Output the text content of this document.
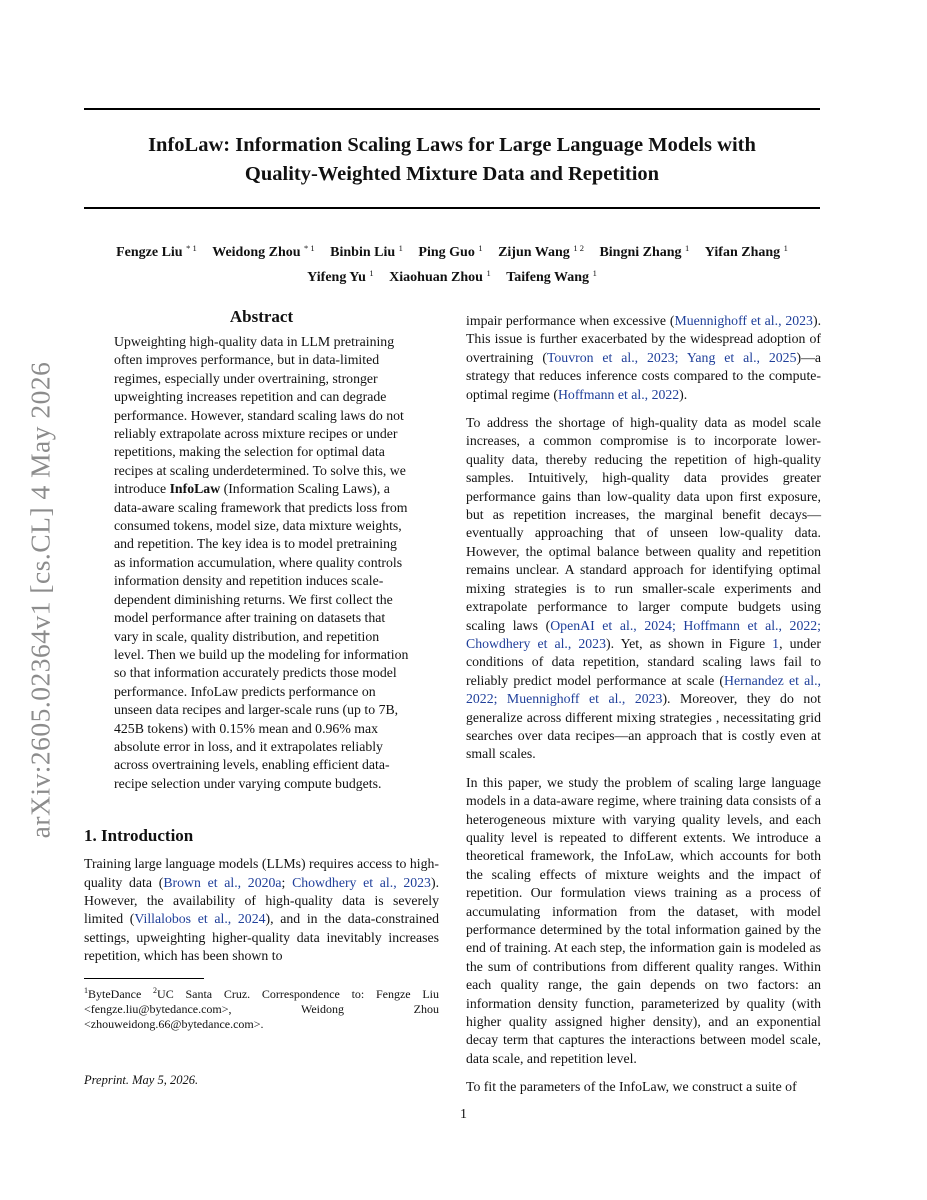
InfoLaw: Information Scaling Laws for Large Language Models with
Quality-Weighted Mixture Data and Repetition
Fengze Liu $^{* 1}$ Weidong Zhou $^{* 1}$ Binbin Liu $^1$ Ping Guo $^1$ Zijun Wang $^{1 2}$ Bingni Zhang $^1$ Yifan Zhang $^1$
Yifeng Yu $^1$ Xiaohuan Zhou $^1$ Taifeng Wang $^1$
arXiv:2605.02364v1 [cs.CL] 4 May 2026
Abstract

Upweighting high-quality data in LLM pretraining often improves performance, but in data-limited regimes, especially under overtraining, stronger upweighting increases repetition and can degrade performance. However, standard scaling laws do not reliably extrapolate across mixture recipes or under repetitions, making the selection for optimal data recipes at scaling underdetermined. To solve this, we introduce InfoLaw (Information Scaling Laws), a data-aware scaling framework that predicts loss from consumed tokens, model size, data mixture weights, and repetition. The key idea is to model pretraining as information accumulation, where quality controls information density and repetition induces scale-dependent diminishing returns. We first collect the model performance after training on datasets that vary in scale, quality distribution, and repetition level. Then we build up the modeling for information so that information accurately predicts those model performance. InfoLaw predicts performance on unseen data recipes and larger-scale runs (up to 7B, 425B tokens) with 0.15% mean and 0.96% max absolute error in loss, and it extrapolates reliably across overtraining levels, enabling efficient data-recipe selection under varying compute budgets.

1. Introduction

Training large language models (LLMs) requires access to high-quality data (Brown et al., 2020a; Chowdhery et al., 2023). However, the availability of high-quality data is severely limited (Villalobos et al., 2024), and in the data-constrained settings, upweighting higher-quality data inevitably increases repetition, which has been shown to

$^1$ByteDance $^2$UC Santa Cruz. Correspondence to: Fengze Liu <fengze.liu@bytedance.com>, Weidong Zhou <zhouweidong.66@bytedance.com>.

Preprint. May 5, 2026.

impair performance when excessive (Muennighoff et al., 2023). This issue is further exacerbated by the widespread adoption of overtraining (Touvron et al., 2023; Yang et al., 2025)—a strategy that reduces inference costs compared to the compute-optimal regime (Hoffmann et al., 2022).

To address the shortage of high-quality data as model scale increases, a common compromise is to incorporate lower-quality data, thereby reducing the repetition of high-quality samples. Intuitively, high-quality data provides greater performance gains than low-quality data upon first exposure, but as repetition increases, the marginal benefit decays—eventually approaching that of unseen low-quality data. However, the optimal balance between quality and repetition remains unclear. A standard approach for identifying optimal mixing strategies is to run smaller-scale experiments and extrapolate performance to larger compute budgets using scaling laws (OpenAI et al., 2024; Hoffmann et al., 2022; Chowdhery et al., 2023). Yet, as shown in Figure 1, under conditions of data repetition, standard scaling laws fail to reliably predict model performance at scale (Hernandez et al., 2022; Muennighoff et al., 2023). Moreover, they do not generalize across different mixing strategies , necessitating grid searches over data recipes—an approach that is costly even at small scales.

In this paper, we study the problem of scaling large language models in a data-aware regime, where training data consists of a heterogeneous mixture with varying quality levels, and each quality level is repeated to different extents. We introduce a theoretical framework, the InfoLaw, which accounts for both the scaling effects of mixture weights and the impact of repetition. Our formulation views training as a process of accumulating information from the dataset, with model performance determined by the total information gained by the end of training. At each step, the information gain is modeled as the sum of contributions from different quality ranges. Within each quality range, the gain depends on two factors: an information density function, parameterized by quality (with higher quality assigned higher density), and an exponential decay term that captures the interactions between model scale, data scale, and repetition level.

To fit the parameters of the InfoLaw, we construct a suite of

1
